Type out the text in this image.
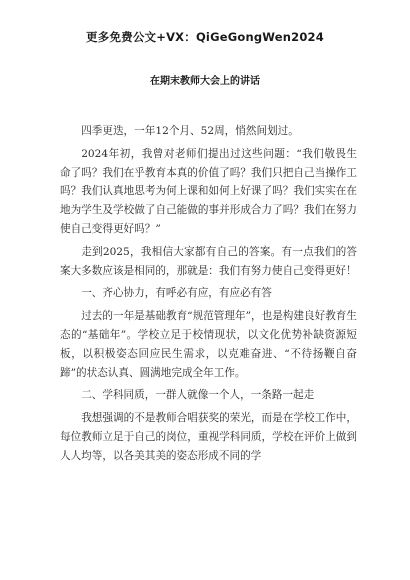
更多免费公文+VX：QiGeGongWen2024
在期末教师大会上的讲话

四季更迭，一年12个月、52周，悄然间划过。

2024年初，我曾对老师们提出过这些问题：“我们敬畏生命了吗？我们在乎教育本真的价值了吗？我们只把自己当操作工吗？我们认真地思考为何上课和如何上好课了吗？我们实实在在地为学生及学校做了自己能做的事并形成合力了吗？我们在努力使自己变得更好吗？”

走到2025，我相信大家都有自己的答案。有一点我们的答案大多数应该是相同的，那就是：我们有努力使自己变得更好！

一、齐心协力，有呼必有应，有应必有答

过去的一年是基础教育“规范管理年”，也是构建良好教育生态的“基础年”。学校立足于校情现状，以文化优势补缺资源短板，以积极姿态回应民生需求，以克难奋进、“不待扬鞭自奋蹄”的状态认真、圆满地完成全年工作。

二、学科同质，一群人就像一个人，一条路一起走

我想强调的不是教师合唱获奖的荣光，而是在学校工作中，每位教师立足于自己的岗位，重视学科同质，学校在评价上做到人人均等，以各美其美的姿态形成不同的学
